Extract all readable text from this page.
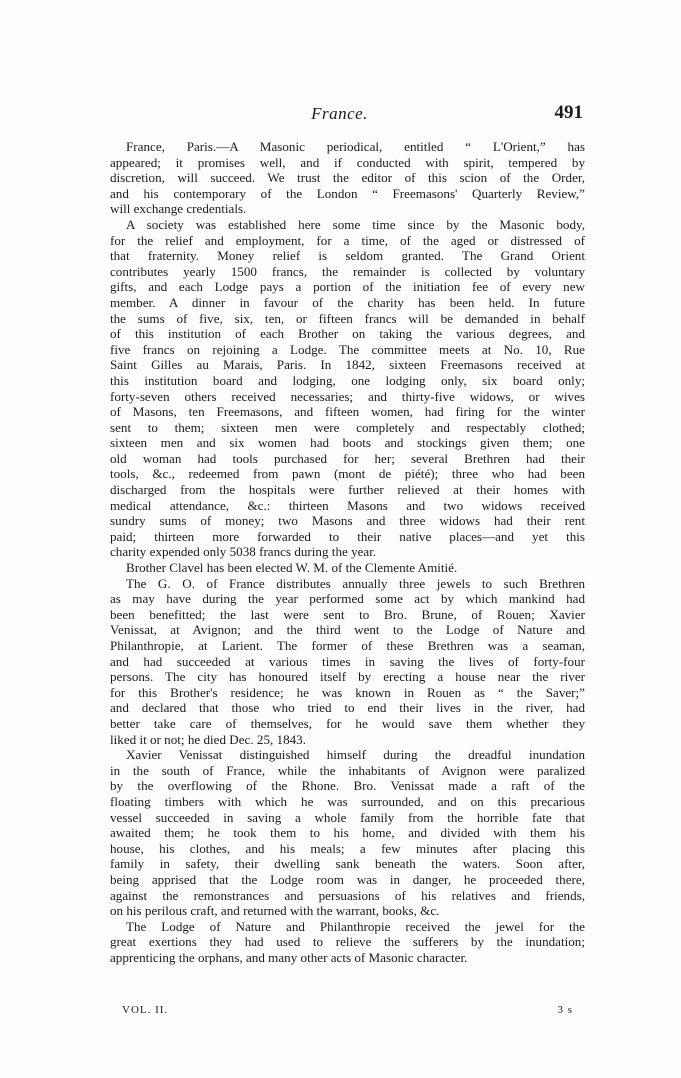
France.	491
France, Paris.—A Masonic periodical, entitled “ L'Orient,” has
appeared; it promises well, and if conducted with spirit, tempered by
discretion, will succeed. We trust the editor of this scion of the Order,
and his contemporary of the London “ Freemasons' Quarterly Review,”
will exchange credentials.
A society was established here some time since by the Masonic body,
for the relief and employment, for a time, of the aged or distressed of
that fraternity. Money relief is seldom granted. The Grand Orient
contributes yearly 1500 francs, the remainder is collected by voluntary
gifts, and each Lodge pays a portion of the initiation fee of every new
member. A dinner in favour of the charity has been held. In future
the sums of five, six, ten, or fifteen francs will be demanded in behalf
of this institution of each Brother on taking the various degrees, and
five francs on rejoining a Lodge. The committee meets at No. 10, Rue
Saint Gilles au Marais, Paris. In 1842, sixteen Freemasons received at
this institution board and lodging, one lodging only, six board only;
forty-seven others received necessaries; and thirty-five widows, or wives
of Masons, ten Freemasons, and fifteen women, had firing for the winter
sent to them; sixteen men were completely and respectably clothed;
sixteen men and six women had boots and stockings given them; one
old woman had tools purchased for her; several Brethren had their
tools, &c., redeemed from pawn (mont de piété); three who had been
discharged from the hospitals were further relieved at their homes with
medical attendance, &c.: thirteen Masons and two widows received
sundry sums of money; two Masons and three widows had their rent
paid; thirteen more forwarded to their native places—and yet this
charity expended only 5038 francs during the year.
Brother Clavel has been elected W. M. of the Clemente Amitié.
The G. O. of France distributes annually three jewels to such Brethren
as may have during the year performed some act by which mankind had
been benefitted; the last were sent to Bro. Brune, of Rouen; Xavier
Venissat, at Avignon; and the third went to the Lodge of Nature and
Philanthropie, at Larient. The former of these Brethren was a seaman,
and had succeeded at various times in saving the lives of forty-four
persons. The city has honoured itself by erecting a house near the river
for this Brother's residence; he was known in Rouen as “ the Saver;”
and declared that those who tried to end their lives in the river, had
better take care of themselves, for he would save them whether they
liked it or not; he died Dec. 25, 1843.
Xavier Venissat distinguished himself during the dreadful inundation
in the south of France, while the inhabitants of Avignon were paralized
by the overflowing of the Rhone. Bro. Venissat made a raft of the
floating timbers with which he was surrounded, and on this precarious
vessel succeeded in saving a whole family from the horrible fate that
awaited them; he took them to his home, and divided with them his
house, his clothes, and his meals; a few minutes after placing this
family in safety, their dwelling sank beneath the waters. Soon after,
being apprised that the Lodge room was in danger, he proceeded there,
against the remonstrances and persuasions of his relatives and friends,
on his perilous craft, and returned with the warrant, books, &c.
The Lodge of Nature and Philanthropie received the jewel for the
great exertions they had used to relieve the sufferers by the inundation;
apprenticing the orphans, and many other acts of Masonic character.
VOL. II.	3 s
